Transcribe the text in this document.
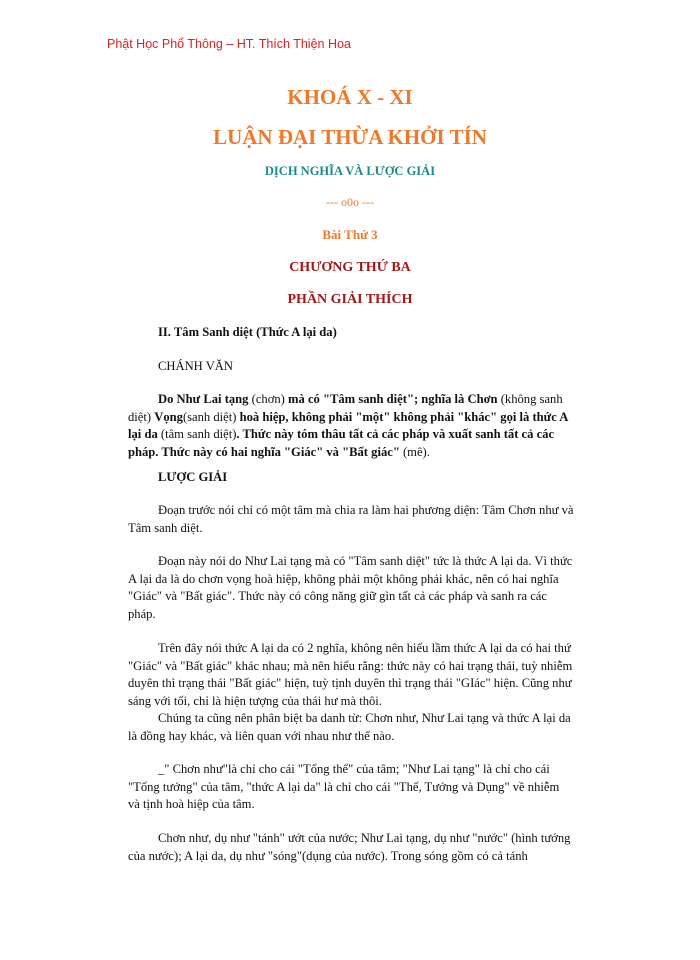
Phật Học Phổ Thông – HT. Thích Thiện Hoa
KHOÁ X - XI
LUẬN ĐẠI THỪA KHỞI TÍN
DỊCH NGHĨA VÀ LƯỢC GIẢI
--- o0o ---
Bài Thứ 3
CHƯƠNG THỨ BA
PHẦN GIẢI THÍCH

II. Tâm Sanh diệt (Thức A lại da)

CHÁNH VĂN

Do Như Lai tạng (chơn) mà có "Tâm sanh diệt"; nghĩa là Chơn (không sanh diệt) Vọng(sanh diệt) hoà hiệp, không phải "một" không phải "khác" gọi là thức A lại da (tâm sanh diệt). Thức này tóm thâu tất cả các pháp và xuất sanh tất cả các pháp. Thức này có hai nghĩa "Giác" và "Bất giác" (mê).

LƯỢC GIẢI

Đoạn trước nói chỉ có một tâm mà chia ra làm hai phương diện: Tâm Chơn như và Tâm sanh diệt.

Đoạn này nói do Như Lai tạng mà có "Tâm sanh diệt" tức là thức A lại da. Vì thức A lại da là do chơn vọng hoà hiệp, không phải một không phải khác, nên có hai nghĩa "Giác" và "Bất giác". Thức này có công năng giữ gìn tất cả các pháp và sanh ra các pháp.

Trên đây nói thức A lại da có 2 nghĩa, không nên hiểu lầm thức A lại da có hai thứ "Giác" và "Bất giác" khác nhau; mà nên hiểu rằng: thức này có hai trạng thái, tuỳ nhiễm duyên thì trạng thái "Bất giác" hiện, tuỳ tịnh duyên thì trạng thái "GIác" hiện. Cũng như sáng với tối, chỉ là hiện tượng của thái hư mà thôi.

Chúng ta cũng nên phân biệt ba danh từ: Chơn như, Như Lai tạng và thức A lại da là đồng hay khác, và liên quan với nhau như thế nào.

_" Chơn như"là chỉ cho cái "Tổng thể" của tâm; "Như Lai tạng" là chỉ cho cái "Tổng tướng" của tâm, "thức A lại da" là chỉ cho cái "Thể, Tướng và Dụng" về nhiễm và tịnh hoà hiệp của tâm.

Chơn như, dụ như "tánh" ướt của nước; Như Lai tạng, dụ như "nước" (hình tướng của nước); A lại da, dụ như "sóng"(dụng của nước). Trong sóng gồm có cả tánh
